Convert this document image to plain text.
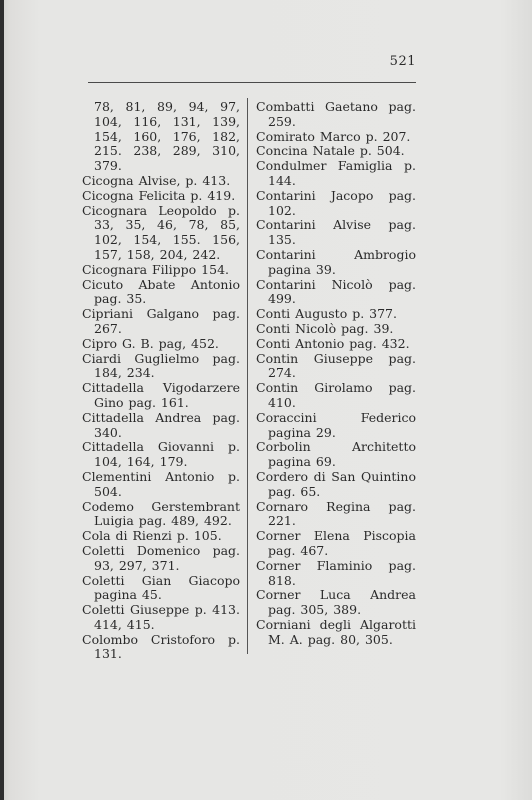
521
78, 81, 89, 94, 97, 104, 116, 131, 139, 154, 160, 176, 182, 215. 238, 289, 310, 379.
Cicogna Alvise, p. 413.
Cicogna Felicita p. 419.
Cicognara Leopoldo p. 33, 35, 46, 78, 85, 102, 154, 155. 156, 157, 158, 204, 242.
Cicognara Filippo 154.
Cicuto Abate Antonio pag. 35.
Cipriani Galgano pag. 267.
Cipro G. B. pag, 452.
Ciardi Guglielmo pag. 184, 234.
Cittadella Vigodarzere Gino pag. 161.
Cittadella Andrea pag. 340.
Cittadella Giovanni p. 104, 164, 179.
Clementini Antonio p. 504.
Codemo Gerstembrant Luigia pag. 489, 492.
Cola di Rienzi p. 105.
Coletti Domenico pag. 93, 297, 371.
Coletti Gian Giacopo pagina 45.
Coletti Giuseppe p. 413. 414, 415.
Colombo Cristoforo p. 131.
Combatti Gaetano pag. 259.
Comirato Marco p. 207.
Concina Natale p. 504.
Condulmer Famiglia p. 144.
Contarini Jacopo pag. 102.
Contarini Alvise pag. 135.
Contarini Ambrogio pagina 39.
Contarini Nicolò pag. 499.
Conti Augusto p. 377.
Conti Nicolò pag. 39.
Conti Antonio pag. 432.
Contin Giuseppe pag. 274.
Contin Girolamo pag. 410.
Coraccini Federico pagina 29.
Corbolin Architetto pagina 69.
Cordero di San Quintino pag. 65.
Cornaro Regina pag. 221.
Corner Elena Piscopia pag. 467.
Corner Flaminio pag. 818.
Corner Luca Andrea pag. 305, 389.
Corniani degli Algarotti M. A. pag. 80, 305.
